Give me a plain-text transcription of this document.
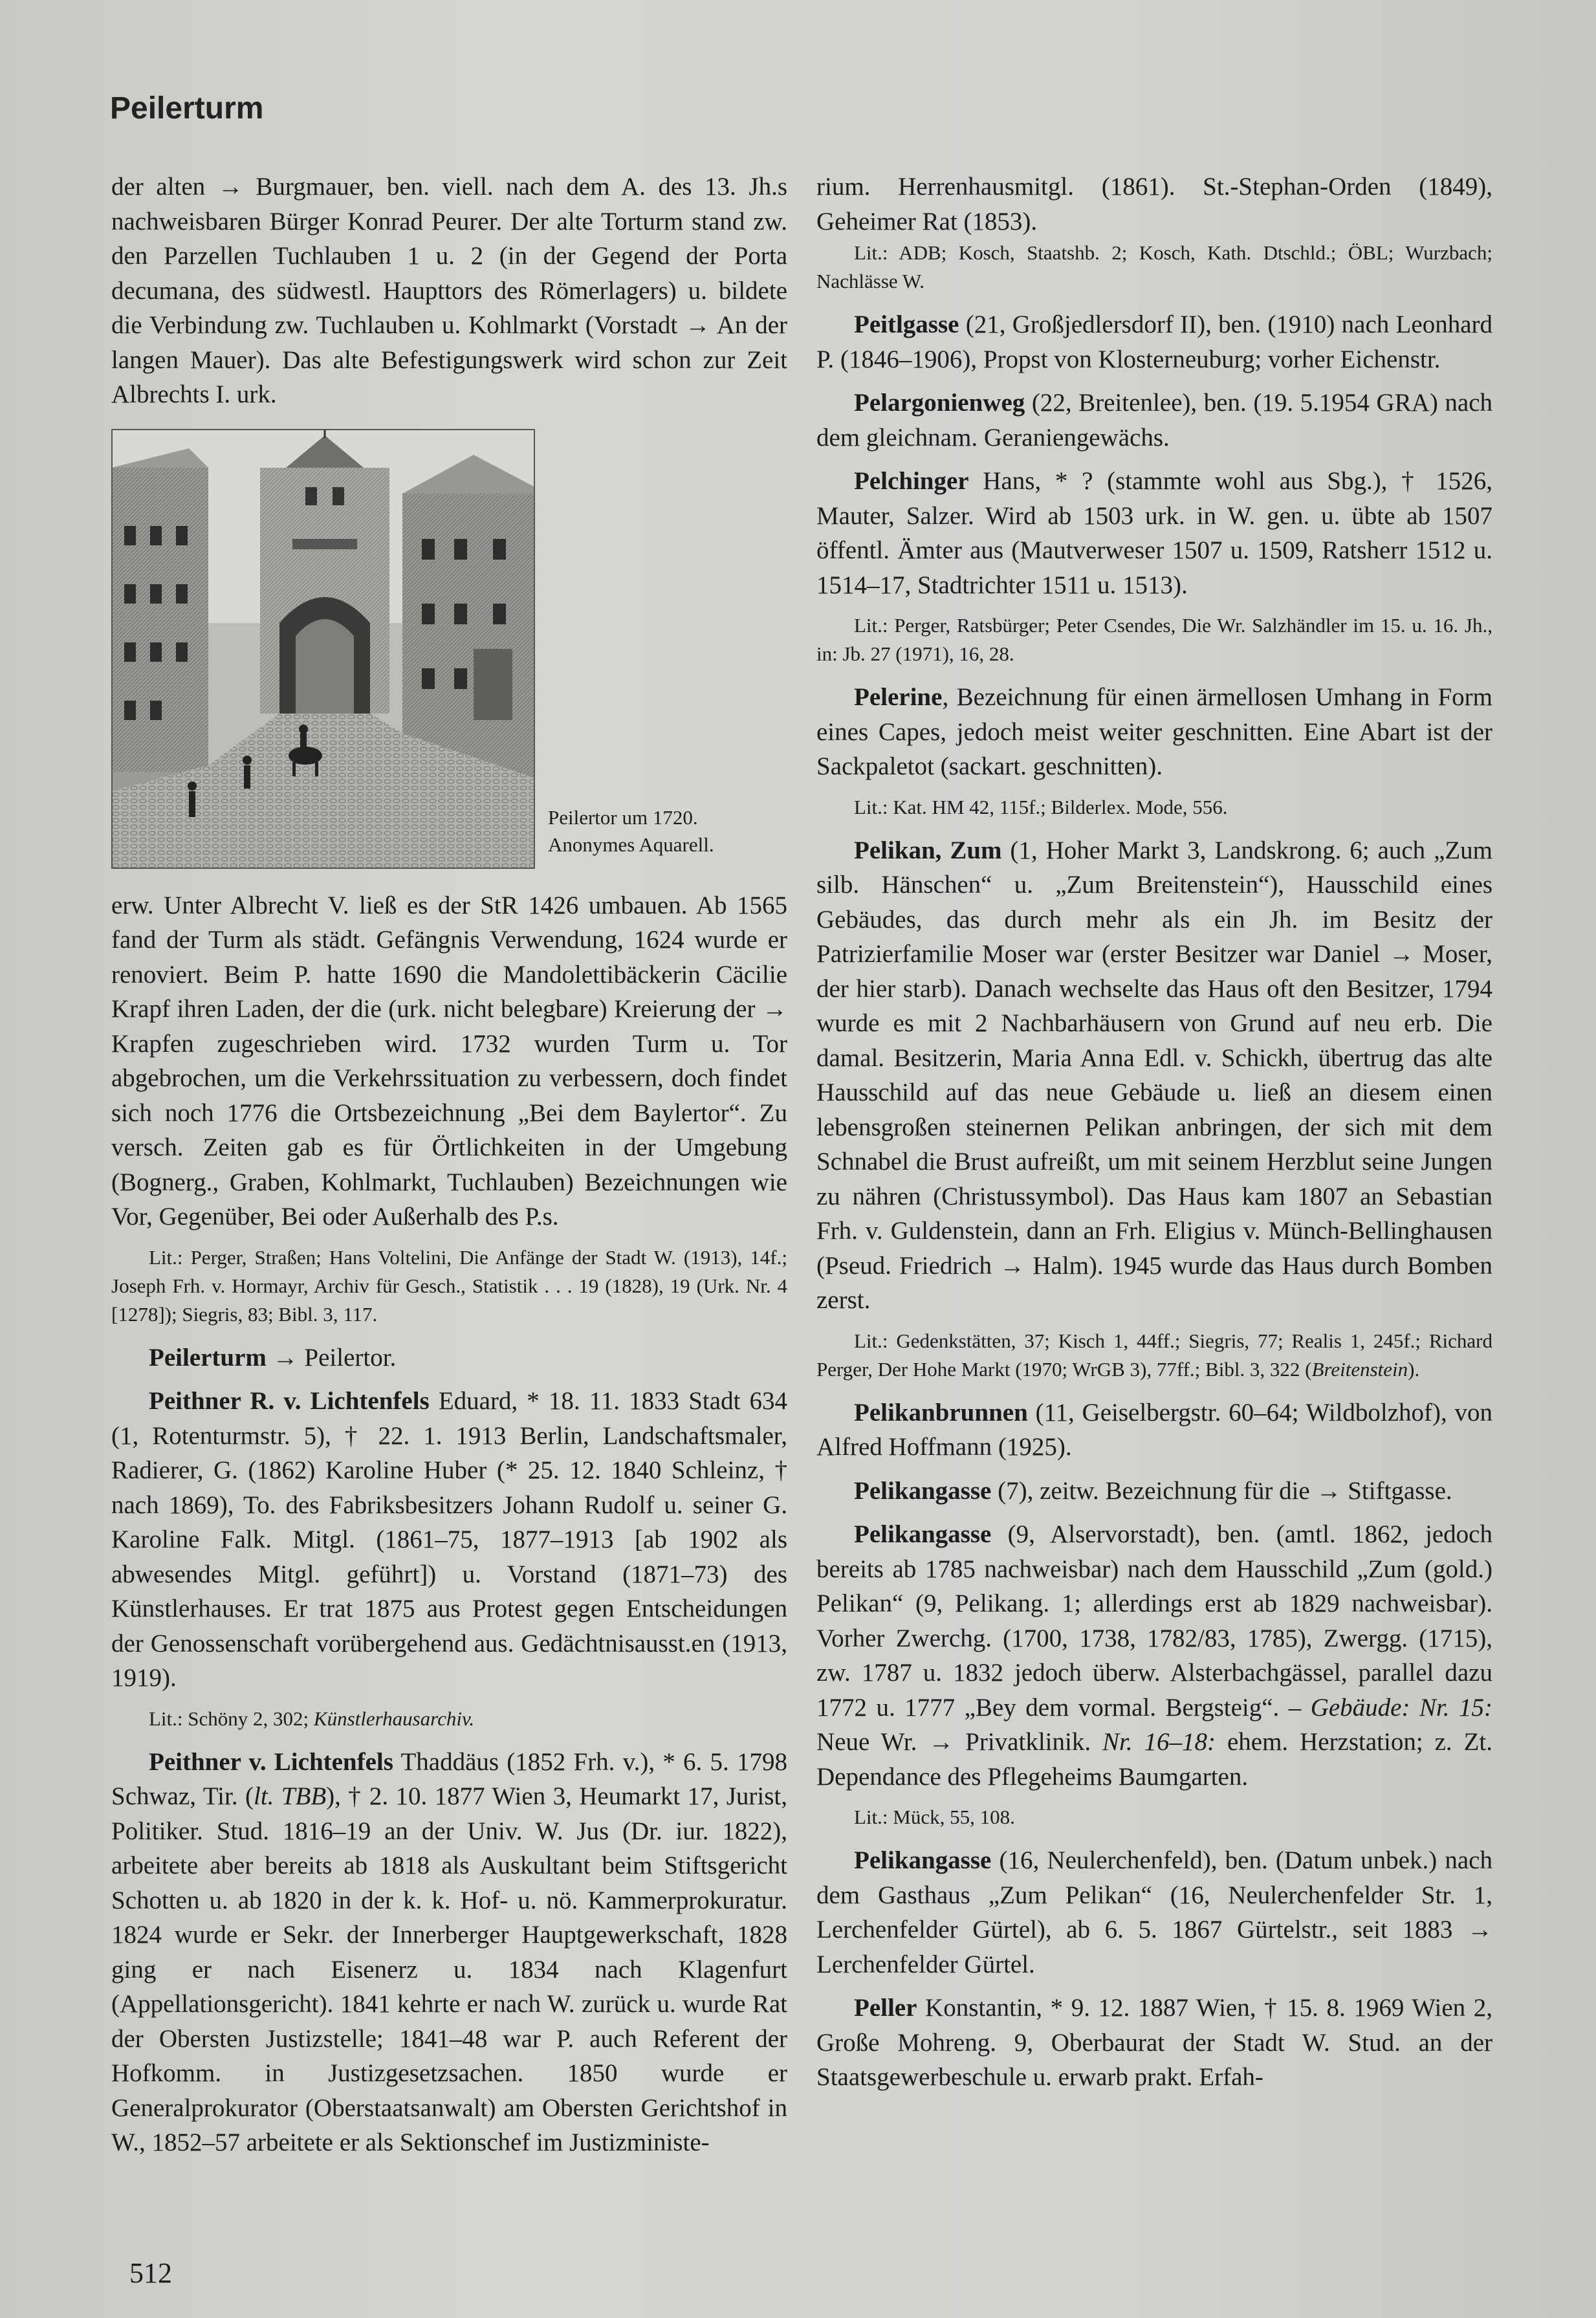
Peilerturm

der alten → Burgmauer, ben. viell. nach dem A. des 13. Jh.s nachweisbaren Bürger Konrad Peurer. Der alte Torturm stand zw. den Parzellen Tuchlauben 1 u. 2 (in der Gegend der Porta decumana, des südwestl. Haupttors des Römerlagers) u. bildete die Verbindung zw. Tuchlauben u. Kohlmarkt (Vorstadt → An der langen Mauer). Das alte Befestigungswerk wird schon zur Zeit Albrechts I. urk.

Peilertor um 1720.
Anonymes Aquarell.

erw. Unter Albrecht V. ließ es der StR 1426 umbauen. Ab 1565 fand der Turm als städt. Gefängnis Verwendung, 1624 wurde er renoviert. Beim P. hatte 1690 die Mandolettibäckerin Cäcilie Krapf ihren Laden, der die (urk. nicht belegbare) Kreierung der → Krapfen zugeschrieben wird. 1732 wurden Turm u. Tor abgebrochen, um die Verkehrssituation zu verbessern, doch findet sich noch 1776 die Ortsbezeichnung „Bei dem Baylertor“. Zu versch. Zeiten gab es für Örtlichkeiten in der Umgebung (Bognerg., Graben, Kohlmarkt, Tuchlauben) Bezeichnungen wie Vor, Gegenüber, Bei oder Außerhalb des P.s.

Lit.: Perger, Straßen; Hans Voltelini, Die Anfänge der Stadt W. (1913), 14f.; Joseph Frh. v. Hormayr, Archiv für Gesch., Statistik . . . 19 (1828), 19 (Urk. Nr. 4 [1278]); Siegris, 83; Bibl. 3, 117.

Peilerturm → Peilertor.

Peithner R. v. Lichtenfels Eduard, * 18. 11. 1833 Stadt 634 (1, Rotenturmstr. 5), † 22. 1. 1913 Berlin, Landschaftsmaler, Radierer, G. (1862) Karoline Huber (* 25. 12. 1840 Schleinz, † nach 1869), To. des Fabriksbesitzers Johann Rudolf u. seiner G. Karoline Falk. Mitgl. (1861–75, 1877–1913 [ab 1902 als abwesendes Mitgl. geführt]) u. Vorstand (1871–73) des Künstlerhauses. Er trat 1875 aus Protest gegen Entscheidungen der Genossenschaft vorübergehend aus. Gedächtnisausst.en (1913, 1919).

Lit.: Schöny 2, 302; Künstlerhausarchiv.

Peithner v. Lichtenfels Thaddäus (1852 Frh. v.), * 6. 5. 1798 Schwaz, Tir. (lt. TBB), † 2. 10. 1877 Wien 3, Heumarkt 17, Jurist, Politiker. Stud. 1816–19 an der Univ. W. Jus (Dr. iur. 1822), arbeitete aber bereits ab 1818 als Auskultant beim Stiftsgericht Schotten u. ab 1820 in der k. k. Hof- u. nö. Kammerprokuratur. 1824 wurde er Sekr. der Innerberger Hauptgewerkschaft, 1828 ging er nach Eisenerz u. 1834 nach Klagenfurt (Appellationsgericht). 1841 kehrte er nach W. zurück u. wurde Rat der Obersten Justizstelle; 1841–48 war P. auch Referent der Hofkomm. in Justizgesetzsachen. 1850 wurde er Generalprokurator (Oberstaatsanwalt) am Obersten Gerichtshof in W., 1852–57 arbeitete er als Sektionschef im Justizministe-

rium. Herrenhausmitgl. (1861). St.-Stephan-Orden (1849), Geheimer Rat (1853).

Lit.: ADB; Kosch, Staatshb. 2; Kosch, Kath. Dtschld.; ÖBL; Wurzbach; Nachlässe W.

Peitlgasse (21, Großjedlersdorf II), ben. (1910) nach Leonhard P. (1846–1906), Propst von Klosterneuburg; vorher Eichenstr.

Pelargonienweg (22, Breitenlee), ben. (19. 5.1954 GRA) nach dem gleichnam. Geraniengewächs.

Pelchinger Hans, * ? (stammte wohl aus Sbg.), † 1526, Mauter, Salzer. Wird ab 1503 urk. in W. gen. u. übte ab 1507 öffentl. Ämter aus (Mautverweser 1507 u. 1509, Ratsherr 1512 u. 1514–17, Stadtrichter 1511 u. 1513).

Lit.: Perger, Ratsbürger; Peter Csendes, Die Wr. Salzhändler im 15. u. 16. Jh., in: Jb. 27 (1971), 16, 28.

Pelerine, Bezeichnung für einen ärmellosen Umhang in Form eines Capes, jedoch meist weiter geschnitten. Eine Abart ist der Sackpaletot (sackart. geschnitten).

Lit.: Kat. HM 42, 115f.; Bilderlex. Mode, 556.

Pelikan, Zum (1, Hoher Markt 3, Landskrong. 6; auch „Zum silb. Hänschen“ u. „Zum Breitenstein“), Hausschild eines Gebäudes, das durch mehr als ein Jh. im Besitz der Patrizierfamilie Moser war (erster Besitzer war Daniel → Moser, der hier starb). Danach wechselte das Haus oft den Besitzer, 1794 wurde es mit 2 Nachbarhäusern von Grund auf neu erb. Die damal. Besitzerin, Maria Anna Edl. v. Schickh, übertrug das alte Hausschild auf das neue Gebäude u. ließ an diesem einen lebensgroßen steinernen Pelikan anbringen, der sich mit dem Schnabel die Brust aufreißt, um mit seinem Herzblut seine Jungen zu nähren (Christussymbol). Das Haus kam 1807 an Sebastian Frh. v. Guldenstein, dann an Frh. Eligius v. Münch-Bellinghausen (Pseud. Friedrich → Halm). 1945 wurde das Haus durch Bomben zerst.

Lit.: Gedenkstätten, 37; Kisch 1, 44ff.; Siegris, 77; Realis 1, 245f.; Richard Perger, Der Hohe Markt (1970; WrGB 3), 77ff.; Bibl. 3, 322 (Breitenstein).

Pelikanbrunnen (11, Geiselbergstr. 60–64; Wildbolzhof), von Alfred Hoffmann (1925).

Pelikangasse (7), zeitw. Bezeichnung für die → Stiftgasse.

Pelikangasse (9, Alservorstadt), ben. (amtl. 1862, jedoch bereits ab 1785 nachweisbar) nach dem Hausschild „Zum (gold.) Pelikan“ (9, Pelikang. 1; allerdings erst ab 1829 nachweisbar). Vorher Zwerchg. (1700, 1738, 1782/83, 1785), Zwergg. (1715), zw. 1787 u. 1832 jedoch überw. Alsterbachgässel, parallel dazu 1772 u. 1777 „Bey dem vormal. Bergsteig“. – Gebäude: Nr. 15: Neue Wr. → Privatklinik. Nr. 16–18: ehem. Herzstation; z. Zt. Dependance des Pflegeheims Baumgarten.

Lit.: Mück, 55, 108.

Pelikangasse (16, Neulerchenfeld), ben. (Datum unbek.) nach dem Gasthaus „Zum Pelikan“ (16, Neulerchenfelder Str. 1, Lerchenfelder Gürtel), ab 6. 5. 1867 Gürtelstr., seit 1883 → Lerchenfelder Gürtel.

Peller Konstantin, * 9. 12. 1887 Wien, † 15. 8. 1969 Wien 2, Große Mohreng. 9, Oberbaurat der Stadt W. Stud. an der Staatsgewerbeschule u. erwarb prakt. Erfah-

512
